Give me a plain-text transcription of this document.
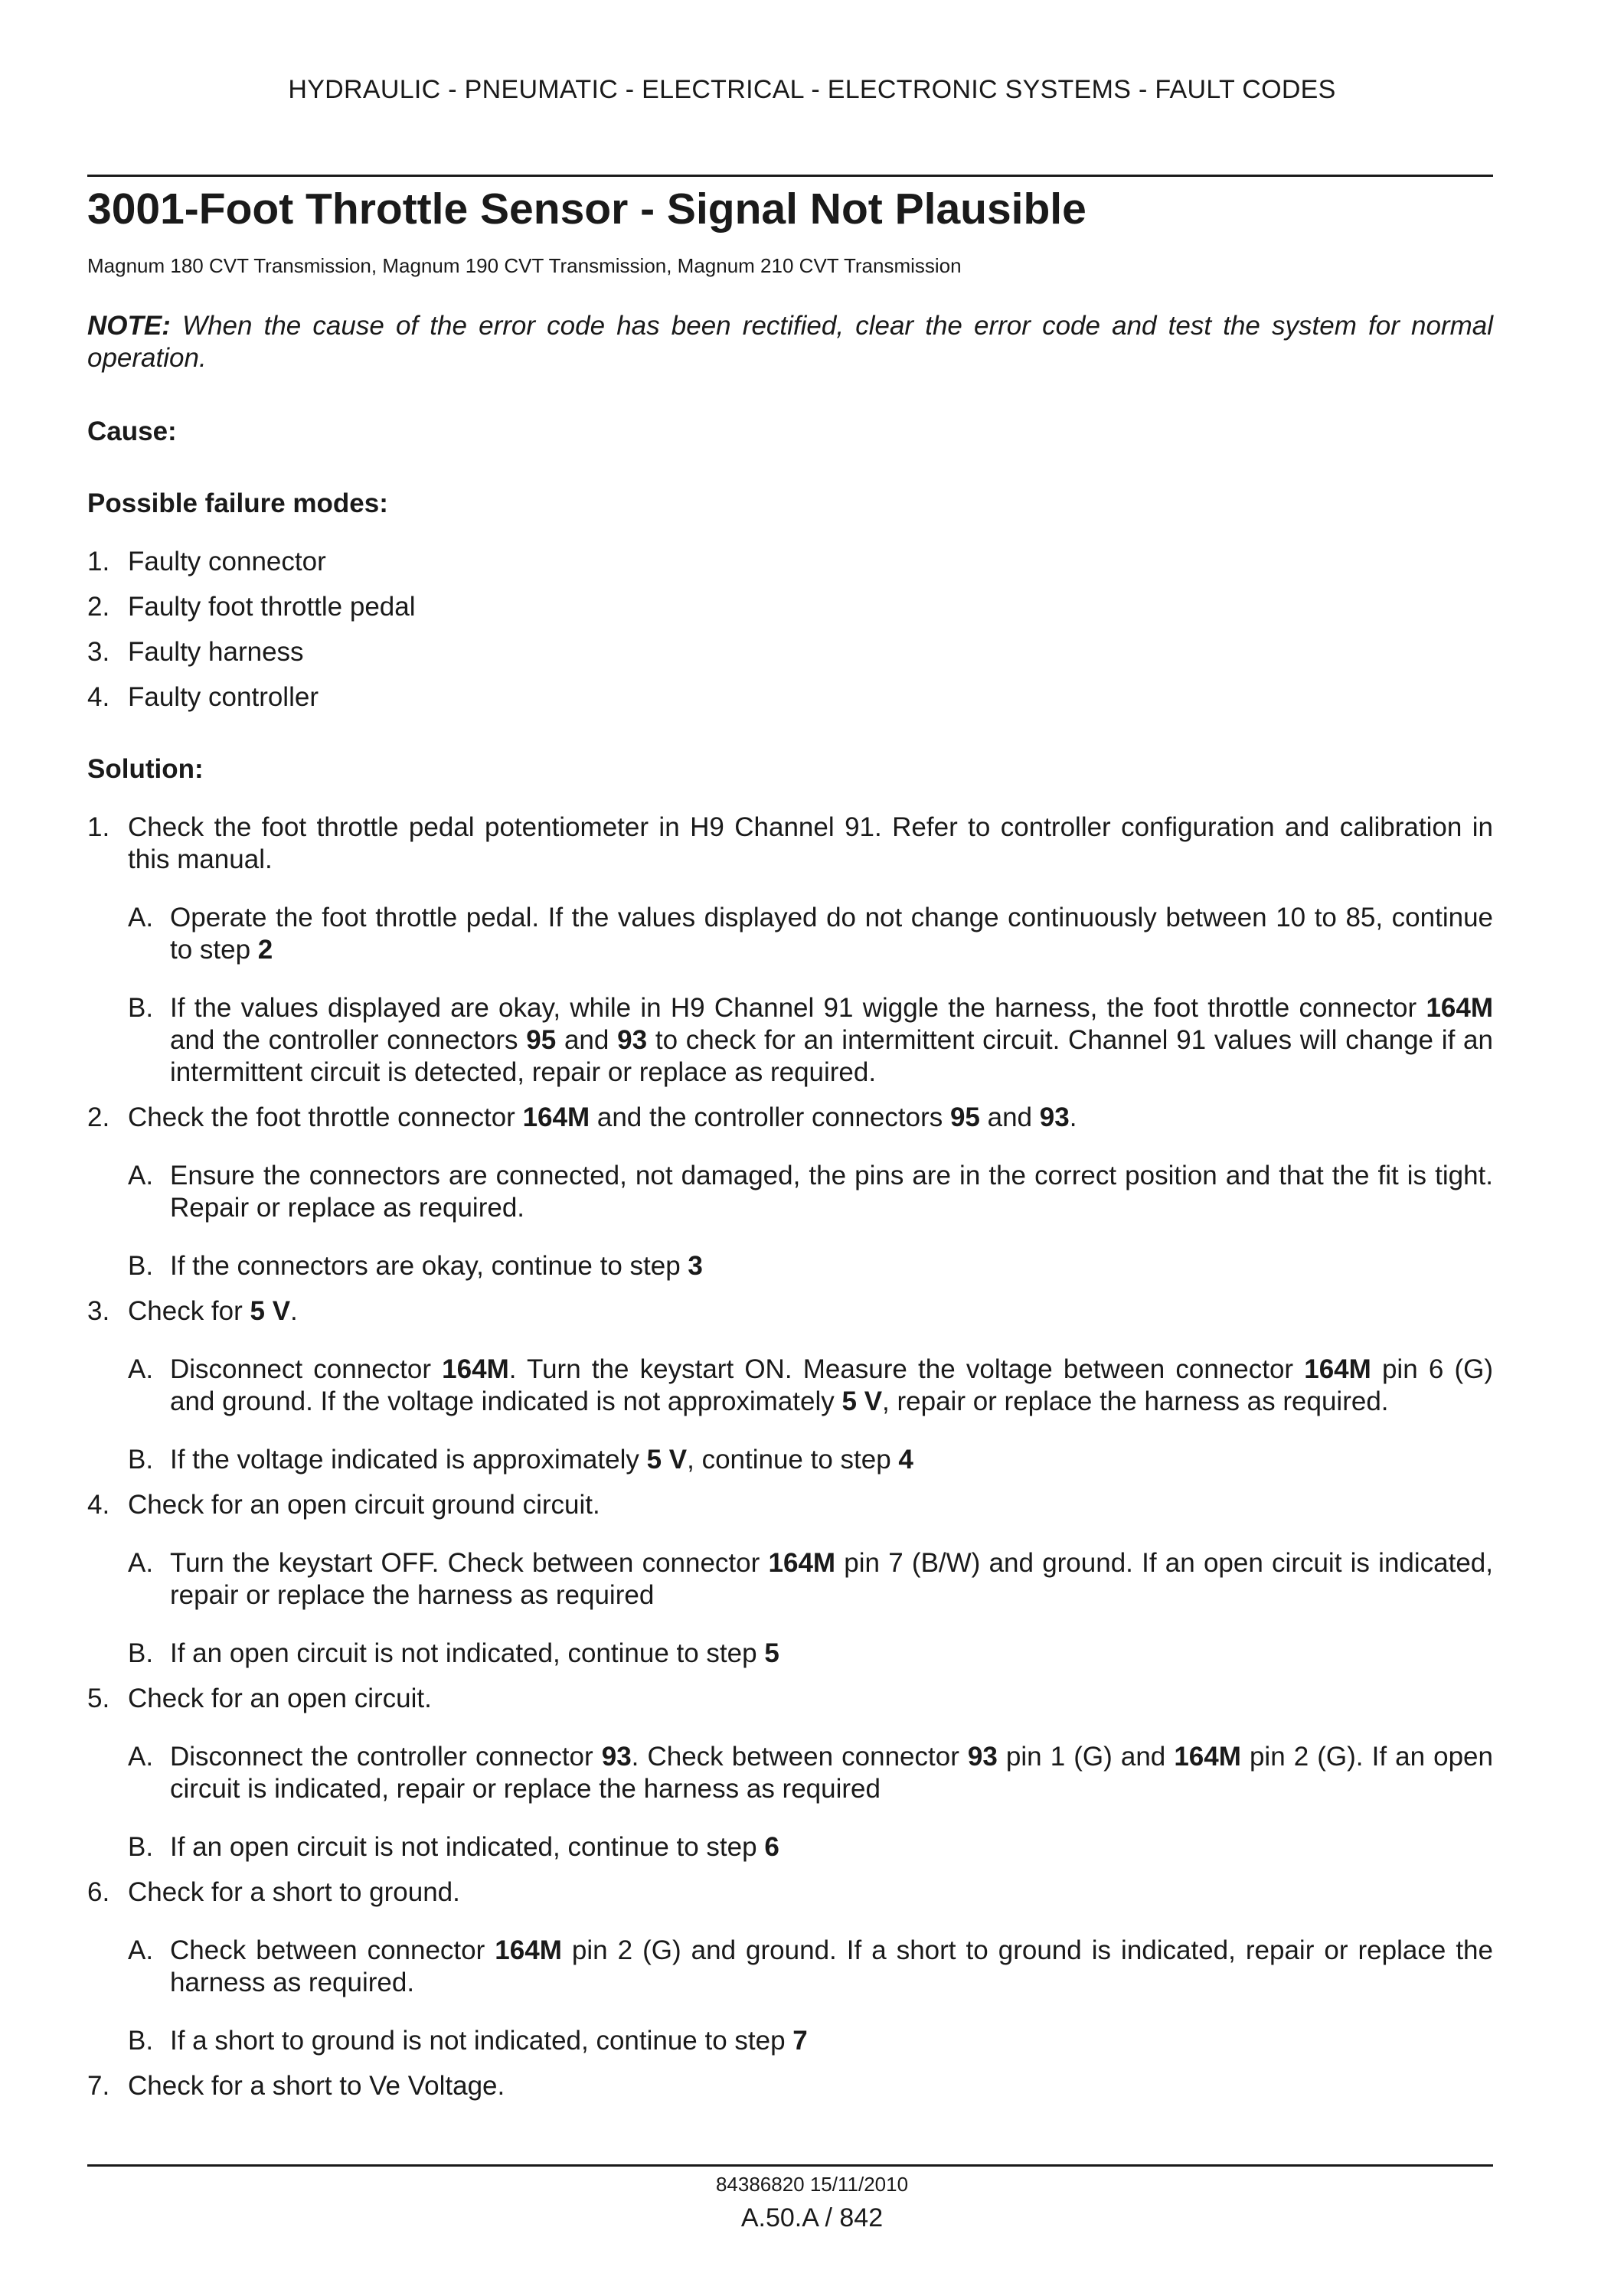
HYDRAULIC - PNEUMATIC - ELECTRICAL - ELECTRONIC SYSTEMS - FAULT CODES
3001-Foot Throttle Sensor - Signal Not Plausible

Magnum 180 CVT Transmission, Magnum 190 CVT Transmission, Magnum 210 CVT Transmission

NOTE: When the cause of the error code has been rectified, clear the error code and test the system for normal operation.

Cause:

Possible failure modes:

1. Faulty connector
2. Faulty foot throttle pedal
3. Faulty harness
4. Faulty controller

Solution:

1. Check the foot throttle pedal potentiometer in H9 Channel 91. Refer to controller configuration and calibration in this manual.
A. Operate the foot throttle pedal. If the values displayed do not change continuously between 10 to 85, continue to step 2
B. If the values displayed are okay, while in H9 Channel 91 wiggle the harness, the foot throttle connector 164M and the controller connectors 95 and 93 to check for an intermittent circuit. Channel 91 values will change if an intermittent circuit is detected, repair or replace as required.
2. Check the foot throttle connector 164M and the controller connectors 95 and 93.
A. Ensure the connectors are connected, not damaged, the pins are in the correct position and that the fit is tight. Repair or replace as required.
B. If the connectors are okay, continue to step 3
3. Check for 5 V.
A. Disconnect connector 164M. Turn the keystart ON. Measure the voltage between connector 164M pin 6 (G) and ground. If the voltage indicated is not approximately 5 V, repair or replace the harness as required.
B. If the voltage indicated is approximately 5 V, continue to step 4
4. Check for an open circuit ground circuit.
A. Turn the keystart OFF. Check between connector 164M pin 7 (B/W) and ground. If an open circuit is indicated, repair or replace the harness as required
B. If an open circuit is not indicated, continue to step 5
5. Check for an open circuit.
A. Disconnect the controller connector 93. Check between connector 93 pin 1 (G) and 164M pin 2 (G). If an open circuit is indicated, repair or replace the harness as required
B. If an open circuit is not indicated, continue to step 6
6. Check for a short to ground.
A. Check between connector 164M pin 2 (G) and ground. If a short to ground is indicated, repair or replace the harness as required.
B. If a short to ground is not indicated, continue to step 7
7. Check for a short to Ve Voltage.
84386820 15/11/2010
A.50.A / 842
